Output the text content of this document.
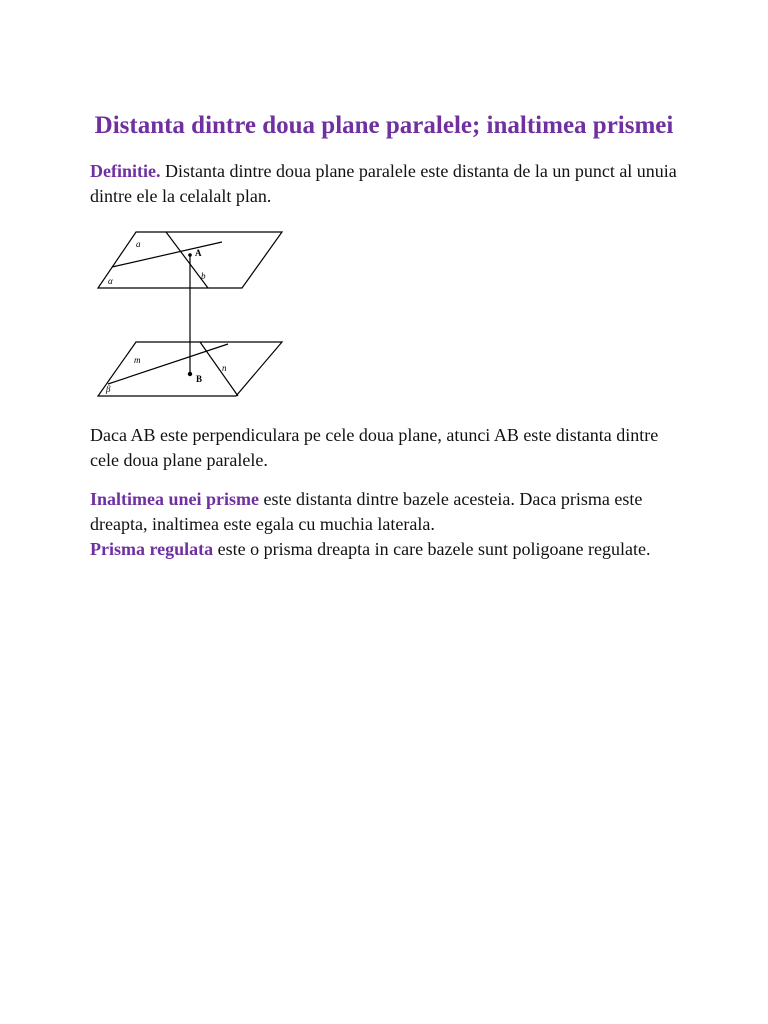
Distanta dintre doua plane paralele; inaltimea prismei

Definitie. Distanta dintre doua plane paralele este distanta de la un punct al unuia dintre ele la celalalt plan.

a
A
b
α
m
n
B
β

Daca AB este perpendiculara pe cele doua plane, atunci AB este distanta dintre cele doua plane paralele.

Inaltimea unei prisme este distanta dintre bazele acesteia. Daca prisma este dreapta, inaltimea este egala cu muchia laterala.
Prisma regulata este o prisma dreapta in care bazele sunt poligoane regulate.
